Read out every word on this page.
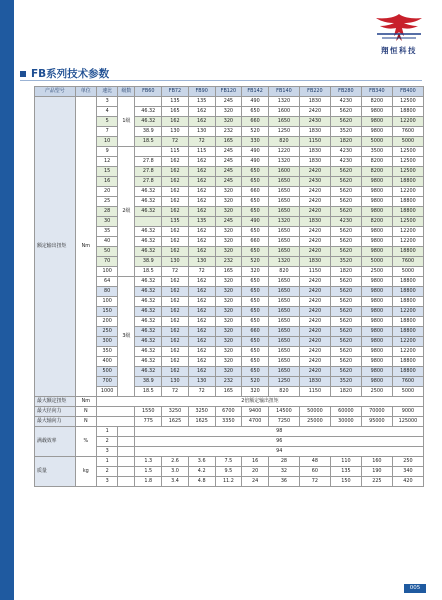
翔恒科技
FB系列技术参数
产品型号	单位	速比	级数	FB60	FB72	FB90	FB120	FB142	FB140	FB220	FB280	FB340	FB400
额定输出扭矩	Nm	3	1级		135	135	245	490	1320	1830	4230	8200	12500
		4		46.32	165	162	320	650	1600	2420	5620	9800	18800
		5		46.32	162	162	320	660	1650	2430	5620	9800	12200
		7		38.9	130	130	232	520	1250	1830	3520	9800	7600
		10		18.5	72	72	165	330	820	1150	1820	5000	5000
		9	2级		115	115	245	490	1220	1830	4230	3500	12500
		12		27.8	162	162	245	490	1320	1830	4230	8200	12500
		15		27.8	162	162	245	650	1600	2420	5620	8200	12500
		16		27.8	162	162	245	650	1650	2430	5620	9800	18800
		20		46.32	162	162	320	660	1650	2420	5620	9800	12200
		25		46.32	162	162	320	650	1650	2420	5620	9800	18800
		28		46.32	162	162	320	650	1650	2420	5620	9800	18800
		30			135	135	245	490	1320	1830	4230	8200	12500
		35		46.32	162	162	320	650	1650	2420	5620	9800	12200
		40		46.32	162	162	320	660	1650	2420	5620	9800	12200
		50		46.32	162	162	320	650	1650	2420	5620	9800	18800
		70		38.9	130	130	232	520	1320	1830	3520	5000	7600
		100		18.5	72	72	165	320	820	1150	1820	2500	5000
		64	3级	46.32	162	162	320	650	1650	2420	5620	9800	18800
		80		46.32	162	162	320	650	1650	2420	5620	9800	18800
		100		46.32	162	162	320	650	1650	2420	5620	9800	18800
		150		46.32	162	162	320	650	1650	2420	5620	9800	12200
		200		46.32	162	162	320	650	1650	2420	5620	9800	18800
		250		46.32	162	162	320	660	1650	2420	5620	9800	18800
		300		46.32	162	162	320	650	1650	2420	5620	9800	12200
		350		46.32	162	162	320	650	1650	2420	5620	9800	12200
		400		46.32	162	162	320	650	1650	2420	5620	9800	18800
		500		46.32	162	162	320	650	1650	2420	5620	9800	18800
		700		38.9	130	130	232	520	1250	1830	3520	9800	7600
		1000		18.5	72	72	165	320	820	1150	1820	2500	5000
最大额定扭矩	Nm	2倍额定输出扭矩											
最大径向力	N			1550	3250	3250	6700	9400	14500	50000	60000	70000	9000
最大轴向力	N			775	1625	1625	3350	4700	7250	25000	30000	95000	125000
满载效率	%	1		98									
		2		96									
		3		94									
质量	kg	1		1.3	2.6	3.6	7.5	16	28	48	110	160	250
		2		1.5	3.0	4.2	9.5	20	32	60	135	190	340
		3		1.8	3.4	4.8	11.2	24	36	72	150	225	420
005
